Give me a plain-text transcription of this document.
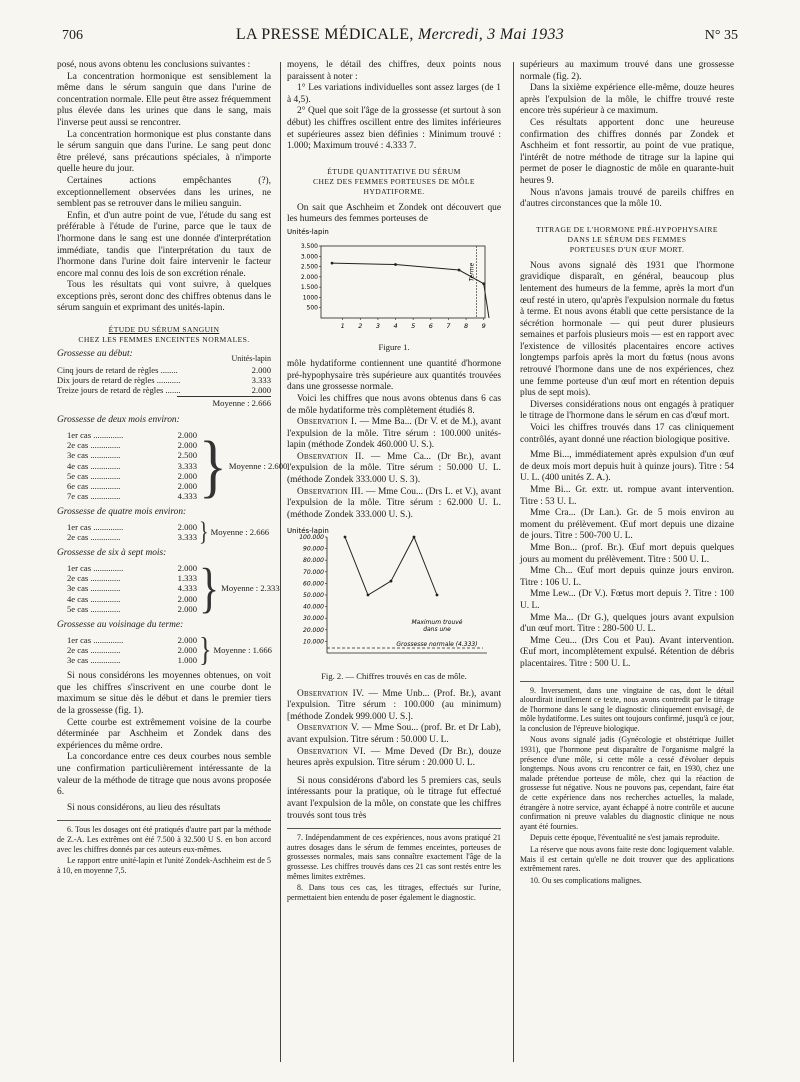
706	LA PRESSE MÉDICALE, Mercredi, 3 Mai 1933	N° 35

posé, nous avons obtenu les conclusions suivantes :

La concentration hormonique est sensiblement la même dans le sérum sanguin que dans l'urine de concentration normale. Elle peut être assez fréquemment plus élevée dans les urines que dans le sang, mais l'inverse peut aussi se rencontrer.

La concentration hormonique est plus constante dans le sérum sanguin que dans l'urine. Le sang peut donc être prélevé, sans précautions spéciales, à n'importe quelle heure du jour.

Certaines actions empêchantes (?), exceptionnellement observées dans les urines, ne semblent pas se retrouver dans le milieu sanguin.

Enfin, et d'un autre point de vue, l'étude du sang est préférable à l'étude de l'urine, parce que le taux de l'hormone dans le sang est une donnée d'interprétation immédiate, tandis que l'interprétation du taux de l'hormone dans l'urine doit faire intervenir le facteur encore mal connu des lois de son excrétion rénale.

Tous les résultats qui vont suivre, à quelques exceptions près, seront donc des chiffres obtenus dans le sérum sanguin et exprimant des unités-lapin.

ÉTUDE DU SÉRUM SANGUIN
CHEZ LES FEMMES ENCEINTES NORMALES.
Grossesse au début:	Unités-lapin
Cinq jours de retard de règles ........	2.000
Dix jours de retard de règles ...........	3.333
Treize jours de retard de règles .......	2.000
Moyenne : 2.666
Grossesse de deux mois environ:
1er cas ..............	2.000
2e cas ..............	2.000
3e cas ..............	2.500
4e cas ..............	3.333
5e cas ..............	2.000
6e cas ..............	2.000
7e cas ..............	4.333 } Moyenne : 2.600
Grossesse de quatre mois environ:
1er cas ..............	2.000
2e cas ..............	3.333 } Moyenne : 2.666
Grossesse de six à sept mois:
1er cas ..............	2.000
2e cas ..............	1.333
3e cas ..............	4.333
4e cas ..............	2.000
5e cas ..............	2.000 } Moyenne : 2.333
Grossesse au voisinage du terme:
1er cas ..............	2.000
2e cas ..............	2.000
3e cas ..............	1.000 } Moyenne : 1.666

Si nous considérons les moyennes obtenues, on voit que les chiffres s'inscrivent en une courbe dont le maximum se situe dès le début et dans le premier tiers de la grossesse (fig. 1).

Cette courbe est extrêmement voisine de la courbe déterminée par Aschheim et Zondek dans des expériences du même ordre.

La concordance entre ces deux courbes nous semble une confirmation particulièrement intéressante de la valeur de la méthode de titrage que nous avons proposée 6.

Si nous considérons, au lieu des résultats

6. Tous les dosages ont été pratiqués d'autre part par la méthode de Z.-A. Les extrêmes ont été 7.500 à 32.500 U S. en bon accord avec les chiffres donnés par ces auteurs eux-mêmes.

Le rapport entre unité-lapin et l'unité Zondek-Aschheim est de 5 à 10, en moyenne 7,5.

moyens, le détail des chiffres, deux points nous paraissent à noter :

1° Les variations individuelles sont assez larges (de 1 à 4,5).

2° Quel que soit l'âge de la grossesse (et surtout à son début) les chiffres oscillent entre des limites inférieures et supérieures assez bien définies : Minimum trouvé : 1.000; Maximum trouvé : 4.333 7.

ÉTUDE QUANTITATIVE DU SÉRUM
CHEZ DES FEMMES PORTEUSES DE MÔLE HYDATIFORME.

On sait que Aschheim et Zondek ont découvert que les humeurs des femmes porteuses de

Unités-lapin
3.500
3.000
2.500
2.000
1.500
1000
500
1 2 3 4 5 6 7 8 9
Terme
Figure 1.

môle hydatiforme contiennent une quantité d'hormone pré-hypophysaire très supérieure aux quantités trouvées dans une grossesse normale.

Voici les chiffres que nous avons obtenus dans 6 cas de môle hydatiforme très complètement étudiés 8.

Observation I. — Mme Ba... (Dr V. et de M.), avant l'expulsion de la môle. Titre sérum : 100.000 unités-lapin (méthode Zondek 460.000 U. S.).

Observation II. — Mme Ca... (Dr Br.), avant l'expulsion de la môle. Titre sérum : 50.000 U. L. (méthode Zondek 333.000 U. S. 3).

Observation III. — Mme Cou... (Drs L. et V.), avant l'expulsion de la môle. Titre sérum : 62.000 U. L. (méthode Zondek 333.000 U. S.).

Unités-lapin
100.000
90.000
80.000
70.000
60.000
50.000
40.000
30.000
20.000
10.000
Maximum trouvé
dans une
Grossesse normale (4.333)
Fig. 2. — Chiffres trouvés en cas de môle.

Observation IV. — Mme Unb... (Prof. Br.), avant l'expulsion. Titre sérum : 100.000 (au minimum) [méthode Zondek 999.000 U. S.].

Observation V. — Mme Sou... (prof. Br. et Dr Lab), avant expulsion. Titre sérum : 50.000 U. L.

Observation VI. — Mme Deved (Dr Br.), douze heures après expulsion. Titre sérum : 20.000 U. L.

Si nous considérons d'abord les 5 premiers cas, seuls intéressants pour la pratique, où le titrage fut effectué avant l'expulsion de la môle, on constate que les chiffres trouvés sont tous très

7. Indépendamment de ces expériences, nous avons pratiqué 21 autres dosages dans le sérum de femmes enceintes, porteuses de grossesses normales, mais sans connaître exactement l'âge de la grossesse. Les chiffres trouvés dans ces 21 cas sont restés entre les mêmes limites extrêmes.

8. Dans tous ces cas, les titrages, effectués sur l'urine, permettaient bien entendu de poser également le diagnostic.

supérieurs au maximum trouvé dans une grossesse normale (fig. 2).

Dans la sixième expérience elle-même, douze heures après l'expulsion de la môle, le chiffre trouvé reste encore très supérieur à ce maximum.

Ces résultats apportent donc une heureuse confirmation des chiffres donnés par Zondek et Aschheim et font ressortir, au point de vue pratique, l'intérêt de notre méthode de titrage sur la lapine qui permet de poser le diagnostic de môle en quarante-huit heures 9.

Nous n'avons jamais trouvé de pareils chiffres en d'autres circonstances que la môle 10.

TITRAGE DE L'HORMONE PRÉ-HYPOPHYSAIRE
DANS LE SÉRUM DES FEMMES
PORTEUSES D'UN ŒUF MORT.

Nous avons signalé dès 1931 que l'hormone gravidique disparaît, en général, beaucoup plus lentement des humeurs de la femme, après la mort d'un œuf resté in utero, qu'après l'expulsion normale du fœtus à terme. Et nous avons établi que cette persistance de la sécrétion hormonale — qui peut durer plusieurs semaines et parfois plusieurs mois — est en rapport avec l'existence de villosités placentaires encore actives longtemps parfois après la mort du fœtus (nous avons retrouvé l'hormone dans une de nos expériences, chez une femme porteuse d'un œuf mort en rétention depuis plus de sept mois).

Diverses considérations nous ont engagés à pratiquer le titrage de l'hormone dans le sérum en cas d'œuf mort.

Voici les chiffres trouvés dans 17 cas cliniquement contrôlés, ayant donné une réaction biologique positive.

Mme Bi..., immédiatement après expulsion d'un œuf de deux mois mort depuis huit à quinze jours). Titre : 54 U. L. (400 unités Z. A.).

Mme Bi... Gr. extr. ut. rompue avant intervention. Titre : 53 U. L.

Mme Cra... (Dr Lan.). Gr. de 5 mois environ au moment du prélèvement. Œuf mort depuis une dizaine de jours. Titre : 500-700 U. L.

Mme Bon... (prof. Br.). Œuf mort depuis quelques jours au moment du prélèvement. Titre : 500 U. L.

Mme Ch... Œuf mort depuis quinze jours environ. Titre : 106 U. L.

Mme Lew... (Dr V.). Fœtus mort depuis ?. Titre : 100 U. L.

Mme Ma... (Dr G.), quelques jours avant expulsion d'un œuf mort. Titre : 280-500 U. L.

Mme Ceu... (Drs Cou et Pau). Avant intervention. Œuf mort, incomplètement expulsé. Rétention de débris placentaires. Titre : 500 U. L.

9. Inversement, dans une vingtaine de cas, dont le détail alourdirait inutilement ce texte, nous avons contredit par le titrage de l'hormone dans le sang le diagnostic cliniquement envisagé, de môle hydatiforme. Les suites ont toujours confirmé, jusqu'à ce jour, la conclusion de l'épreuve biologique.

Nous avons signalé jadis (Gynécologie et obstétrique Juillet 1931), que l'hormone peut disparaître de l'organisme malgré la présence d'une môle, si cette môle a cessé d'évoluer depuis longtemps. Nous avons cru rencontrer ce fait, en 1930, chez une malade prétendue porteuse de môle, chez qui la réaction de grossesse fut négative. Nous ne pouvons pas, cependant, faire état de cette expérience dans nos recherches actuelles, la malade, étrangère à notre service, ayant échappé à notre contrôle et aucune confirmation ni preuve valables du diagnostic clinique ne nous ayant été fournies.

Depuis cette époque, l'éventualité ne s'est jamais reproduite.

La réserve que nous avons faite reste donc logiquement valable. Mais il est certain qu'elle ne doit trouver que des applications extrêmement rares.

10. Ou ses complications malignes.
